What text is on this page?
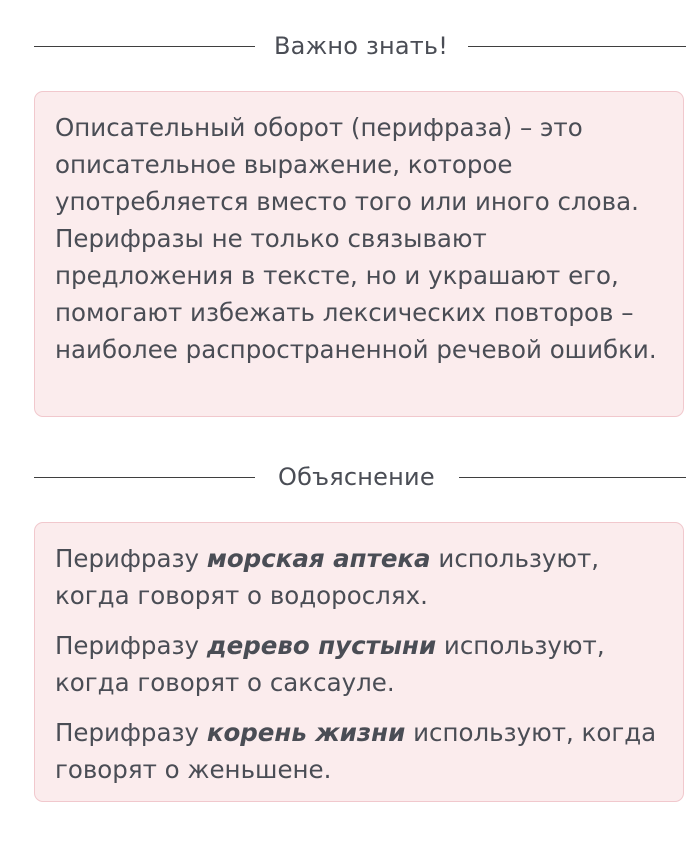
Важно знать!

Описательный оборот (перифраза) – это описательное выражение, которое употребляется вместо того или иного слова. Перифразы не только связывают предложения в тексте, но и украшают его, помогают избежать лексических повторов – наиболее распространенной речевой ошибки.

Объяснение

Перифразу морская аптека используют, когда говорят о водорослях.

Перифразу дерево пустыни используют, когда говорят о саксауле.

Перифразу корень жизни используют, когда говорят о женьшене.
